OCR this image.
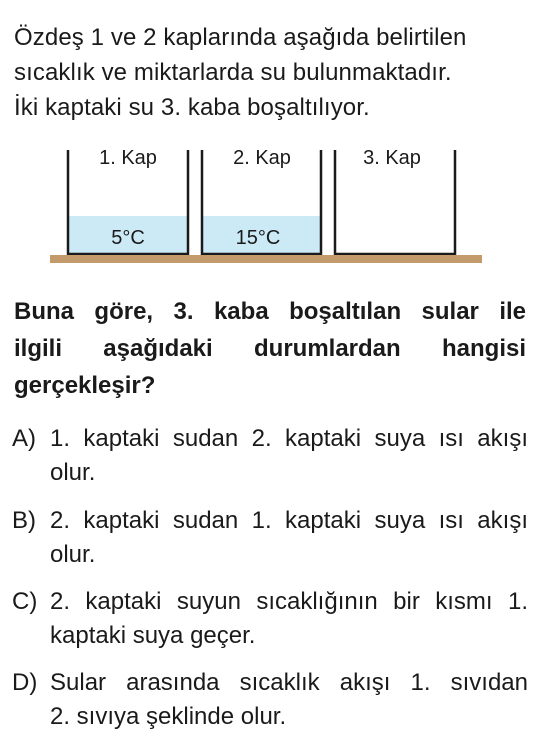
Özdeş 1 ve 2 kaplarında aşağıda belirtilen
sıcaklık ve miktarlarda su bulunmaktadır.
İki kaptaki su 3. kaba boşaltılıyor.
1. Kap	2. Kap	3. Kap
5°C	15°C
Buna göre, 3. kaba boşaltılan sular ile
ilgili aşağıdaki durumlardan hangisi
gerçekleşir?
A) 1. kaptaki sudan 2. kaptaki suya ısı akışı
olur.
B) 2. kaptaki sudan 1. kaptaki suya ısı akışı
olur.
C) 2. kaptaki suyun sıcaklığının bir kısmı 1.
kaptaki suya geçer.
D) Sular arasında sıcaklık akışı 1. sıvıdan
2. sıvıya şeklinde olur.
